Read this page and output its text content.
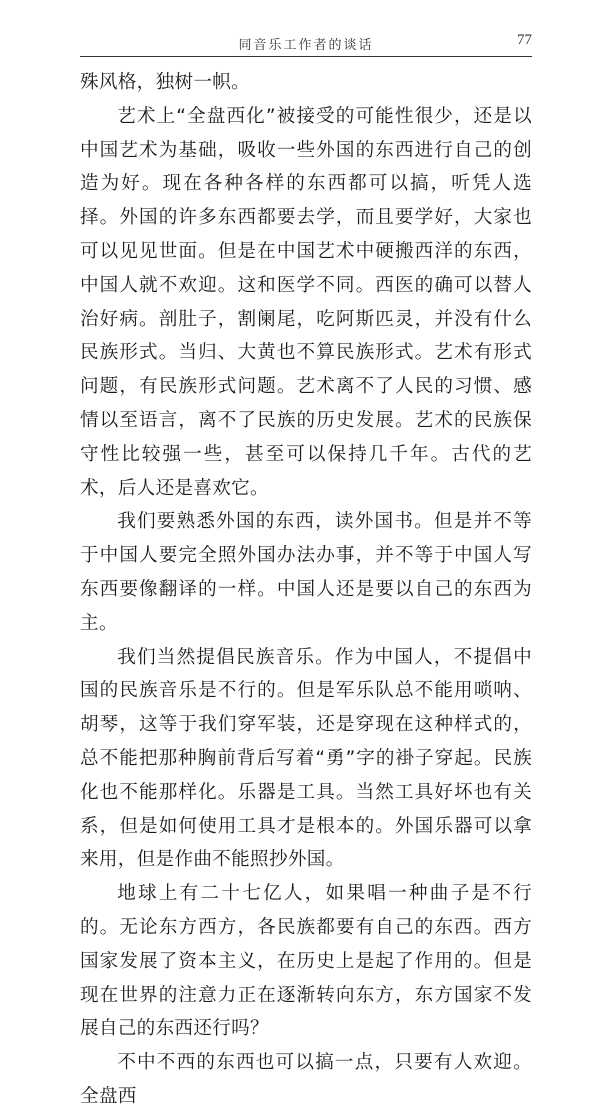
同音乐工作者的谈话	77

殊风格，独树一帜。

艺术上“全盘西化”被接受的可能性很少，还是以中国艺术为基础，吸收一些外国的东西进行自己的创造为好。现在各种各样的东西都可以搞，听凭人选择。外国的许多东西都要去学，而且要学好，大家也可以见见世面。但是在中国艺术中硬搬西洋的东西，中国人就不欢迎。这和医学不同。西医的确可以替人治好病。剖肚子，割阑尾，吃阿斯匹灵，并没有什么民族形式。当归、大黄也不算民族形式。艺术有形式问题，有民族形式问题。艺术离不了人民的习惯、感情以至语言，离不了民族的历史发展。艺术的民族保守性比较强一些，甚至可以保持几千年。古代的艺术，后人还是喜欢它。

我们要熟悉外国的东西，读外国书。但是并不等于中国人要完全照外国办法办事，并不等于中国人写东西要像翻译的一样。中国人还是要以自己的东西为主。

我们当然提倡民族音乐。作为中国人，不提倡中国的民族音乐是不行的。但是军乐队总不能用唢呐、胡琴，这等于我们穿军装，还是穿现在这种样式的，总不能把那种胸前背后写着“勇”字的褂子穿起。民族化也不能那样化。乐器是工具。当然工具好坏也有关系，但是如何使用工具才是根本的。外国乐器可以拿来用，但是作曲不能照抄外国。

地球上有二十七亿人，如果唱一种曲子是不行的。无论东方西方，各民族都要有自己的东西。西方国家发展了资本主义，在历史上是起了作用的。但是现在世界的注意力正在逐渐转向东方，东方国家不发展自己的东西还行吗？

不中不西的东西也可以搞一点，只要有人欢迎。全盘西
